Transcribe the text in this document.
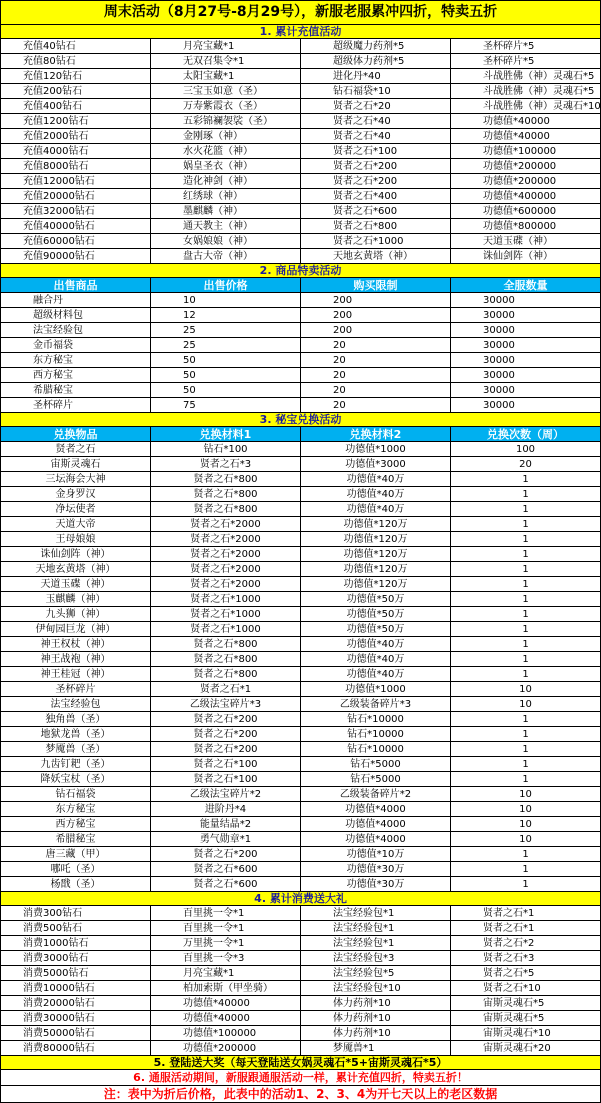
周末活动（8月27号-8月29号），新服老服累冲四折，特卖五折			
1. 累计充值活动			
充值40钻石	月亮宝藏*1	超级魔力药剂*5	圣杯碎片*5
充值80钻石	无双召集令*1	超级体力药剂*5	圣杯碎片*5
充值120钻石	太阳宝藏*1	进化丹*40	斗战胜佛（神）灵魂石*5
充值200钻石	三宝玉如意（圣）	钻石福袋*10	斗战胜佛（神）灵魂石*5
充值400钻石	万寿紫霞衣（圣）	贤者之石*20	斗战胜佛（神）灵魂石*10
充值1200钻石	五彩锦襕袈裟（圣）	贤者之石*40	功德值*40000
充值2000钻石	金刚琢（神）	贤者之石*40	功德值*40000
充值4000钻石	水火花篮（神）	贤者之石*100	功德值*100000
充值8000钻石	娲皇圣衣（神）	贤者之石*200	功德值*200000
充值12000钻石	造化神剑（神）	贤者之石*200	功德值*200000
充值20000钻石	红绣球（神）	贤者之石*400	功德值*400000
充值32000钻石	墨麒麟（神）	贤者之石*600	功德值*600000
充值40000钻石	通天教主（神）	贤者之石*800	功德值*800000
充值60000钻石	女娲娘娘（神）	贤者之石*1000	天道玉碟（神）
充值90000钻石	盘古大帝（神）	天地玄黄塔（神）	诛仙剑阵（神）
2. 商品特卖活动			
出售商品	出售价格	购买限制	全服数量
融合丹	10	200	30000
超级材料包	12	200	30000
法宝经验包	25	200	30000
金币福袋	25	20	30000
东方秘宝	50	20	30000
西方秘宝	50	20	30000
希腊秘宝	50	20	30000
圣杯碎片	75	20	30000
3. 秘宝兑换活动			
兑换物品	兑换材料1	兑换材料2	兑换次数（周）
贤者之石	钻石*100	功德值*1000	100
宙斯灵魂石	贤者之石*3	功德值*3000	20
三坛海会大神	贤者之石*800	功德值*40万	1
金身罗汉	贤者之石*800	功德值*40万	1
净坛使者	贤者之石*800	功德值*40万	1
天道大帝	贤者之石*2000	功德值*120万	1
王母娘娘	贤者之石*2000	功德值*120万	1
诛仙剑阵（神）	贤者之石*2000	功德值*120万	1
天地玄黄塔（神）	贤者之石*2000	功德值*120万	1
天道玉碟（神）	贤者之石*2000	功德值*120万	1
玉麒麟（神）	贤者之石*1000	功德值*50万	1
九头狮（神）	贤者之石*1000	功德值*50万	1
伊甸园巨龙（神）	贤者之石*1000	功德值*50万	1
神王权杖（神）	贤者之石*800	功德值*40万	1
神王战袍（神）	贤者之石*800	功德值*40万	1
神王桂冠（神）	贤者之石*800	功德值*40万	1
圣杯碎片	贤者之石*1	功德值*1000	10
法宝经验包	乙级法宝碎片*3	乙级装备碎片*3	10
独角兽（圣）	贤者之石*200	钻石*10000	1
地狱龙兽（圣）	贤者之石*200	钻石*10000	1
梦魇兽（圣）	贤者之石*200	钻石*10000	1
九齿钉耙（圣）	贤者之石*100	钻石*5000	1
降妖宝杖（圣）	贤者之石*100	钻石*5000	1
钻石福袋	乙级法宝碎片*2	乙级装备碎片*2	10
东方秘宝	进阶丹*4	功德值*4000	10
西方秘宝	能量结晶*2	功德值*4000	10
希腊秘宝	勇气勋章*1	功德值*4000	10
唐三藏（甲）	贤者之石*200	功德值*10万	1
哪吒（圣）	贤者之石*600	功德值*30万	1
杨戬（圣）	贤者之石*600	功德值*30万	1
4. 累计消费送大礼			
消费300钻石	百里挑一令*1	法宝经验包*1	贤者之石*1
消费500钻石	百里挑一令*1	法宝经验包*1	贤者之石*1
消费1000钻石	万里挑一令*1	法宝经验包*1	贤者之石*2
消费3000钻石	百里挑一令*3	法宝经验包*3	贤者之石*3
消费5000钻石	月亮宝藏*1	法宝经验包*5	贤者之石*5
消费10000钻石	柏加索斯（甲坐骑）	法宝经验包*10	贤者之石*10
消费20000钻石	功德值*40000	体力药剂*10	宙斯灵魂石*5
消费30000钻石	功德值*40000	体力药剂*10	宙斯灵魂石*5
消费50000钻石	功德值*100000	体力药剂*10	宙斯灵魂石*10
消费80000钻石	功德值*200000	梦魇兽*1	宙斯灵魂石*20
5. 登陆送大奖（每天登陆送女娲灵魂石*5+宙斯灵魂石*5）			
6. 通服活动期间，新服跟通服活动一样，累计充值四折，特卖五折！			
注：表中为折后价格，此表中的活动1、2、3、4为开七天以上的老区数据			
